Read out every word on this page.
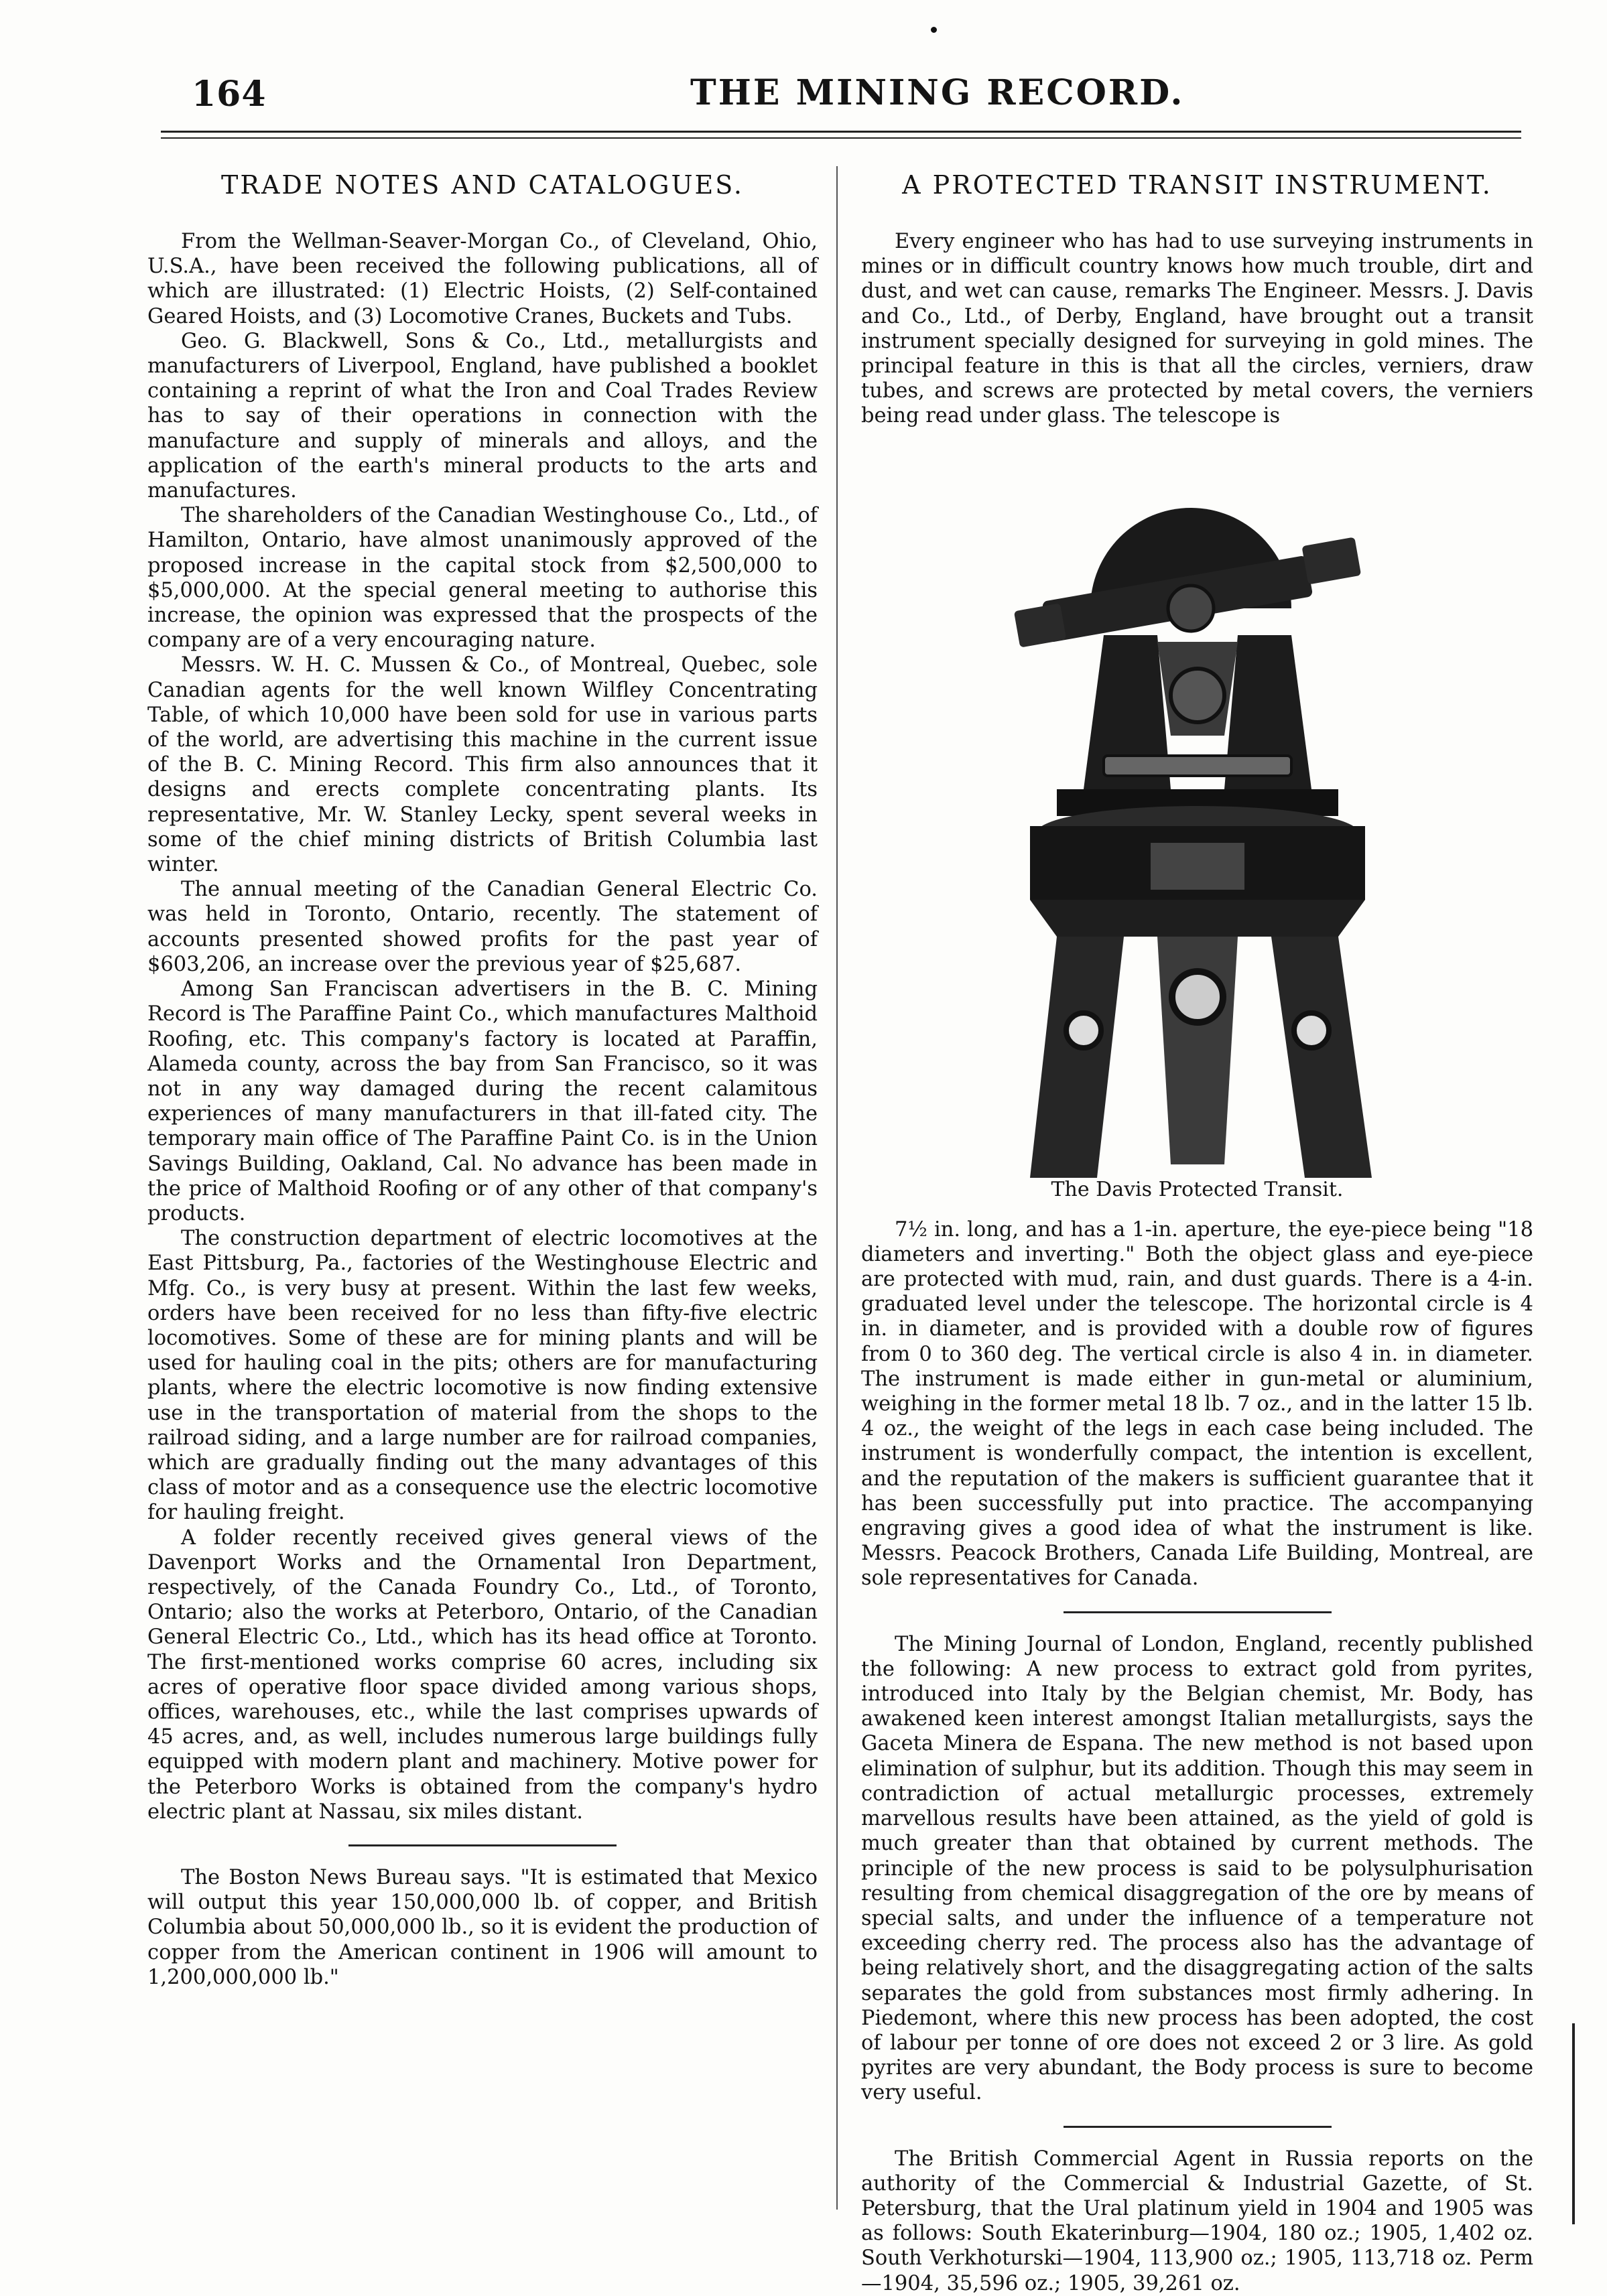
164	THE MINING RECORD.
TRADE NOTES AND CATALOGUES.

From the Wellman-Seaver-Morgan Co., of Cleveland, Ohio, U.S.A., have been received the following publications, all of which are illustrated: (1) Electric Hoists, (2) Self-contained Geared Hoists, and (3) Locomotive Cranes, Buckets and Tubs.

Geo. G. Blackwell, Sons & Co., Ltd., metallurgists and manufacturers of Liverpool, England, have published a booklet containing a reprint of what the Iron and Coal Trades Review has to say of their operations in connection with the manufacture and supply of minerals and alloys, and the application of the earth's mineral products to the arts and manufactures.

The shareholders of the Canadian Westinghouse Co., Ltd., of Hamilton, Ontario, have almost unanimously approved of the proposed increase in the capital stock from $2,500,000 to $5,000,000. At the special general meeting to authorise this increase, the opinion was expressed that the prospects of the company are of a very encouraging nature.

Messrs. W. H. C. Mussen & Co., of Montreal, Quebec, sole Canadian agents for the well known Wilfley Concentrating Table, of which 10,000 have been sold for use in various parts of the world, are advertising this machine in the current issue of the B. C. Mining Record. This firm also announces that it designs and erects complete concentrating plants. Its representative, Mr. W. Stanley Lecky, spent several weeks in some of the chief mining districts of British Columbia last winter.

The annual meeting of the Canadian General Electric Co. was held in Toronto, Ontario, recently. The statement of accounts presented showed profits for the past year of $603,206, an increase over the previous year of $25,687.

Among San Franciscan advertisers in the B. C. Mining Record is The Paraffine Paint Co., which manufactures Malthoid Roofing, etc. This company's factory is located at Paraffin, Alameda county, across the bay from San Francisco, so it was not in any way damaged during the recent calamitous experiences of many manufacturers in that ill-fated city. The temporary main office of The Paraffine Paint Co. is in the Union Savings Building, Oakland, Cal. No advance has been made in the price of Malthoid Roofing or of any other of that company's products.

The construction department of electric locomotives at the East Pittsburg, Pa., factories of the Westinghouse Electric and Mfg. Co., is very busy at present. Within the last few weeks, orders have been received for no less than fifty-five electric locomotives. Some of these are for mining plants and will be used for hauling coal in the pits; others are for manufacturing plants, where the electric locomotive is now finding extensive use in the transportation of material from the shops to the railroad siding, and a large number are for railroad companies, which are gradually finding out the many advantages of this class of motor and as a consequence use the electric locomotive for hauling freight.

A folder recently received gives general views of the Davenport Works and the Ornamental Iron Department, respectively, of the Canada Foundry Co., Ltd., of Toronto, Ontario; also the works at Peterboro, Ontario, of the Canadian General Electric Co., Ltd., which has its head office at Toronto. The first-mentioned works comprise 60 acres, including six acres of operative floor space divided among various shops, offices, warehouses, etc., while the last comprises upwards of 45 acres, and, as well, includes numerous large buildings fully equipped with modern plant and machinery. Motive power for the Peterboro Works is obtained from the company's hydro electric plant at Nassau, six miles distant.

The Boston News Bureau says. "It is estimated that Mexico will output this year 150,000,000 lb. of copper, and British Columbia about 50,000,000 lb., so it is evident the production of copper from the American continent in 1906 will amount to 1,200,000,000 lb."

A PROTECTED TRANSIT INSTRUMENT.

Every engineer who has had to use surveying instruments in mines or in difficult country knows how much trouble, dirt and dust, and wet can cause, remarks The Engineer. Messrs. J. Davis and Co., Ltd., of Derby, England, have brought out a transit instrument specially designed for surveying in gold mines. The principal feature in this is that all the circles, verniers, draw tubes, and screws are protected by metal covers, the verniers being read under glass. The telescope is

The Davis Protected Transit.

7½ in. long, and has a 1-in. aperture, the eye-piece being "18 diameters and inverting." Both the object glass and eye-piece are protected with mud, rain, and dust guards. There is a 4-in. graduated level under the telescope. The horizontal circle is 4 in. in diameter, and is provided with a double row of figures from 0 to 360 deg. The vertical circle is also 4 in. in diameter. The instrument is made either in gun-metal or aluminium, weighing in the former metal 18 lb. 7 oz., and in the latter 15 lb. 4 oz., the weight of the legs in each case being included. The instrument is wonderfully compact, the intention is excellent, and the reputation of the makers is sufficient guarantee that it has been successfully put into practice. The accompanying engraving gives a good idea of what the instrument is like. Messrs. Peacock Brothers, Canada Life Building, Montreal, are sole representatives for Canada.

The Mining Journal of London, England, recently published the following: A new process to extract gold from pyrites, introduced into Italy by the Belgian chemist, Mr. Body, has awakened keen interest amongst Italian metallurgists, says the Gaceta Minera de Espana. The new method is not based upon elimination of sulphur, but its addition. Though this may seem in contradiction of actual metallurgic processes, extremely marvellous results have been attained, as the yield of gold is much greater than that obtained by current methods. The principle of the new process is said to be polysulphurisation resulting from chemical disaggregation of the ore by means of special salts, and under the influence of a temperature not exceeding cherry red. The process also has the advantage of being relatively short, and the disaggregating action of the salts separates the gold from substances most firmly adhering. In Piedemont, where this new process has been adopted, the cost of labour per tonne of ore does not exceed 2 or 3 lire. As gold pyrites are very abundant, the Body process is sure to become very useful.

The British Commercial Agent in Russia reports on the authority of the Commercial & Industrial Gazette, of St. Petersburg, that the Ural platinum yield in 1904 and 1905 was as follows: South Ekaterinburg—1904, 180 oz.; 1905, 1,402 oz. South Verkhoturski—1904, 113,900 oz.; 1905, 113,718 oz. Perm—1904, 35,596 oz.; 1905, 39,261 oz.
